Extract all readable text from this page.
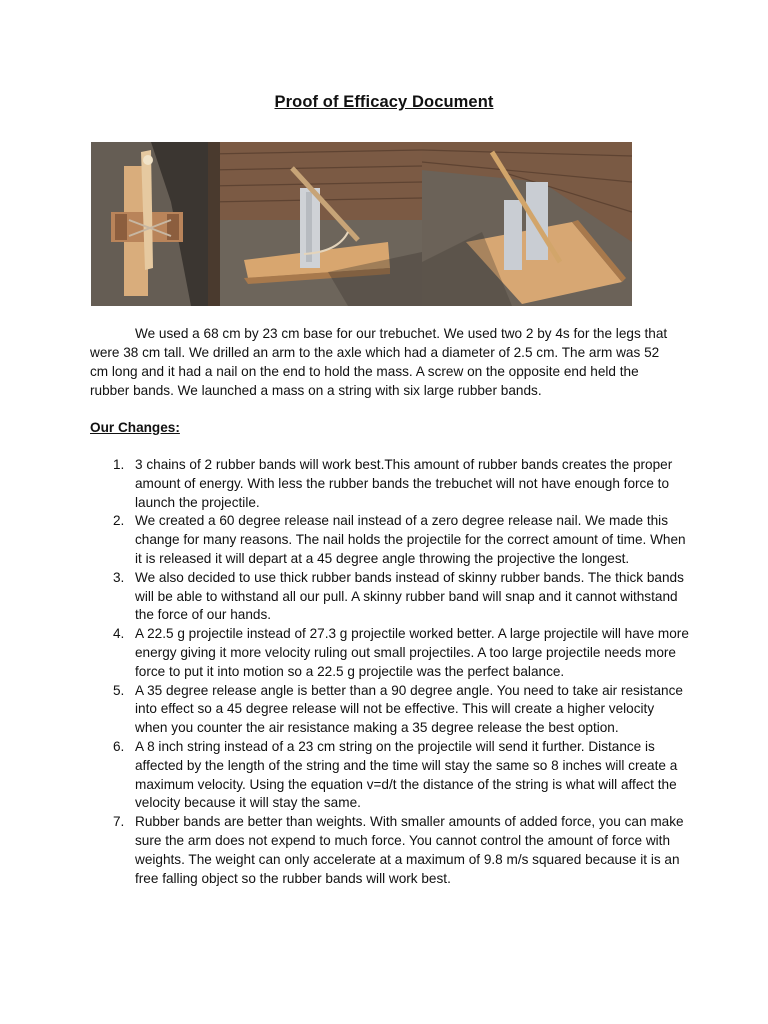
Proof of Efficacy Document

We used a 68 cm by 23 cm base for our trebuchet. We used two 2 by 4s for the legs that were 38 cm tall. We drilled an arm to the axle which had a diameter of 2.5 cm. The arm was 52 cm long and it had a nail on the end to hold the mass. A screw on the opposite end held the rubber bands. We launched a mass on a string with six large rubber bands.

Our Changes:
1. 3 chains of 2 rubber bands will work best.This amount of rubber bands creates the proper amount of energy. With less the rubber bands the trebuchet will not have enough force to launch the projectile.
2. We created a 60 degree release nail instead of a zero degree release nail. We made this change for many reasons. The nail holds the projectile for the correct amount of time. When it is released it will depart at a 45 degree angle throwing the projective the longest.
3. We also decided to use thick rubber bands instead of skinny rubber bands. The thick bands will be able to withstand all our pull. A skinny rubber band will snap and it cannot withstand the force of our hands.
4. A 22.5 g projectile instead of 27.3 g projectile worked better. A large projectile will have more energy giving it more velocity ruling out small projectiles. A too large projectile needs more force to put it into motion so a 22.5 g projectile was the perfect balance.
5. A 35 degree release angle is better than a 90 degree angle. You need to take air resistance into effect so a 45 degree release will not be effective. This will create a higher velocity when you counter the air resistance making a 35 degree release the best option.
6. A 8 inch string instead of a 23 cm string on the projectile will send it further. Distance is affected by the length of the string and the time will stay the same so 8 inches will create a maximum velocity. Using the equation v=d/t the distance of the string is what will affect the velocity because it will stay the same.
7. Rubber bands are better than weights. With smaller amounts of added force, you can make sure the arm does not expend to much force. You cannot control the amount of force with weights. The weight can only accelerate at a maximum of 9.8 m/s squared because it is an free falling object so the rubber bands will work best.
